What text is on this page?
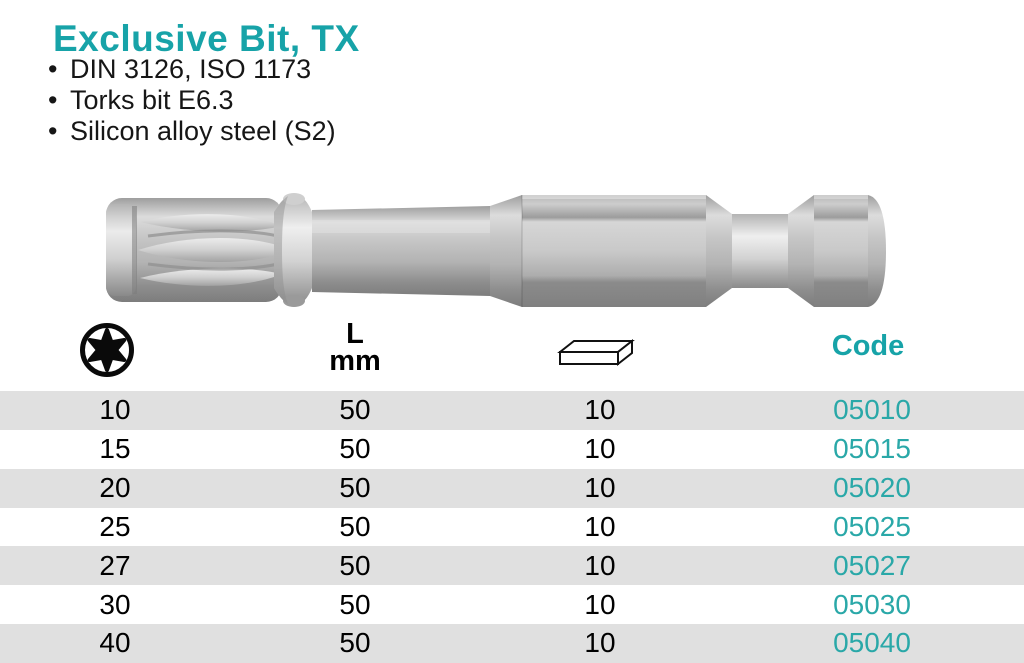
Exclusive Bit, TX
• DIN 3126, ISO 1173
• Torks bit E6.3
• Silicon alloy steel (S2)
L
mm	Code
10	50	10	05010
15	50	10	05015
20	50	10	05020
25	50	10	05025
27	50	10	05027
30	50	10	05030
40	50	10	05040
